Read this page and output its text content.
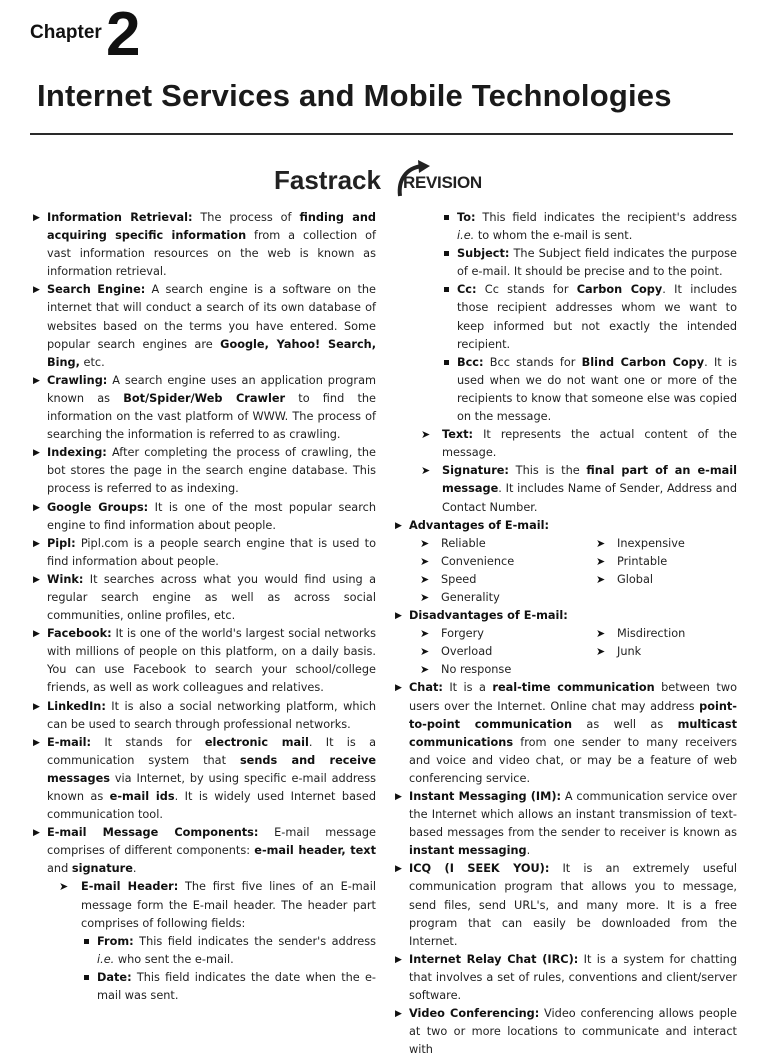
Chapter 2
Internet Services and Mobile Technologies
Fastrack REVISION
▶ Information Retrieval: The process of finding and acquiring specific information from a collection of vast information resources on the web is known as information retrieval.
▶ Search Engine: A search engine is a software on the internet that will conduct a search of its own database of websites based on the terms you have entered. Some popular search engines are Google, Yahoo! Search, Bing, etc.
▶ Crawling: A search engine uses an application program known as Bot/Spider/Web Crawler to find the information on the vast platform of WWW. The process of searching the information is referred to as crawling.
▶ Indexing: After completing the process of crawling, the bot stores the page in the search engine database. This process is referred to as indexing.
▶ Google Groups: It is one of the most popular search engine to find information about people.
▶ Pipl: Pipl.com is a people search engine that is used to find information about people.
▶ Wink: It searches across what you would find using a regular search engine as well as across social communities, online profiles, etc.
▶ Facebook: It is one of the world's largest social networks with millions of people on this platform, on a daily basis. You can use Facebook to search your school/college friends, as well as work colleagues and relatives.
▶ LinkedIn: It is also a social networking platform, which can be used to search through professional networks.
▶ E-mail: It stands for electronic mail. It is a communication system that sends and receive messages via Internet, by using specific e-mail address known as e-mail ids. It is widely used Internet based communication tool.
▶ E-mail Message Components: E-mail message comprises of different components: e-mail header, text and signature.
➤ E-mail Header: The first five lines of an E-mail message form the E-mail header. The header part comprises of following fields:
From: This field indicates the sender's address i.e. who sent the e-mail.
Date: This field indicates the date when the e-mail was sent.
To: This field indicates the recipient's address i.e. to whom the e-mail is sent.
Subject: The Subject field indicates the purpose of e-mail. It should be precise and to the point.
Cc: Cc stands for Carbon Copy. It includes those recipient addresses whom we want to keep informed but not exactly the intended recipient.
Bcc: Bcc stands for Blind Carbon Copy. It is used when we do not want one or more of the recipients to know that someone else was copied on the message.
➤ Text: It represents the actual content of the message.
➤ Signature: This is the final part of an e-mail message. It includes Name of Sender, Address and Contact Number.
▶ Advantages of E-mail:
➤ Reliable	➤ Inexpensive
➤ Convenience	➤ Printable
➤ Speed	➤ Global
➤ Generality
▶ Disadvantages of E-mail:
➤ Forgery	➤ Misdirection
➤ Overload	➤ Junk
➤ No response
▶ Chat: It is a real-time communication between two users over the Internet. Online chat may address point-to-point communication as well as multicast communications from one sender to many receivers and voice and video chat, or may be a feature of web conferencing service.
▶ Instant Messaging (IM): A communication service over the Internet which allows an instant transmission of text-based messages from the sender to receiver is known as instant messaging.
▶ ICQ (I SEEK YOU): It is an extremely useful communication program that allows you to message, send files, send URL's, and many more. It is a free program that can easily be downloaded from the Internet.
▶ Internet Relay Chat (IRC): It is a system for chatting that involves a set of rules, conventions and client/server software.
▶ Video Conferencing: Video conferencing allows people at two or more locations to communicate and interact with
